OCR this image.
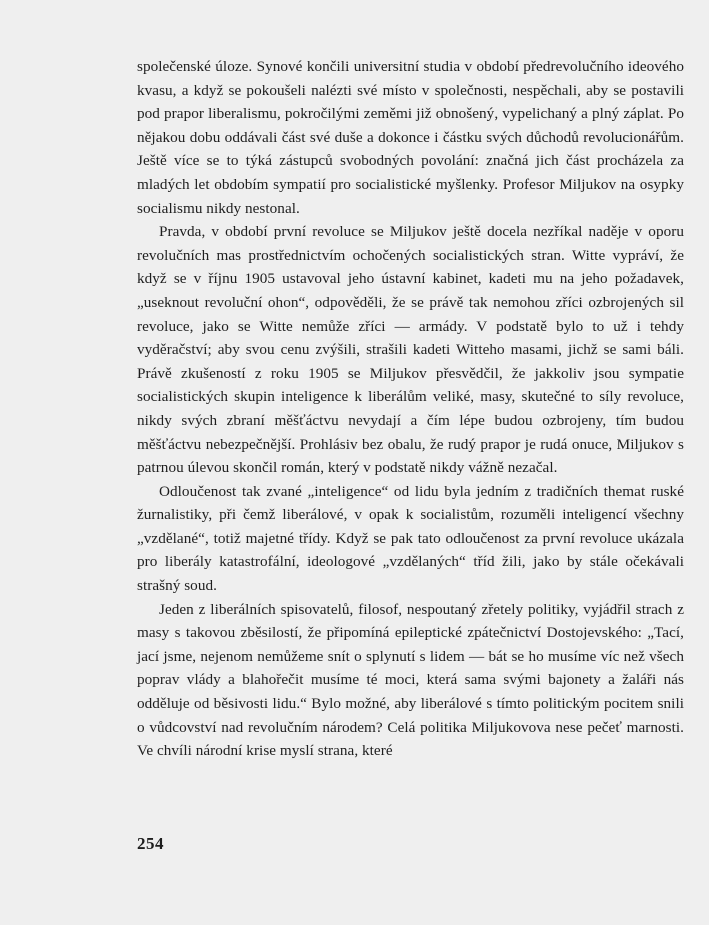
společenské úloze. Synové končili universitní studia v období předrevolučního ideového kvasu, a když se pokoušeli nalézti své místo v společnosti, nespěchali, aby se postavili pod prapor liberalismu, pokročilými zeměmi již obnošený, vypelichaný a plný záplat. Po nějakou dobu oddávali část své duše a dokonce i částku svých důchodů revolucionářům. Ještě více se to týká zástupců svobodných povolání: značná jich část procházela za mladých let obdobím sympatií pro socialistické myšlenky. Profesor Miljukov na osypky socialismu nikdy nestonal.

Pravda, v období první revoluce se Miljukov ještě docela nezříkal naděje v oporu revolučních mas prostřednictvím ochočených socialistických stran. Witte vypráví, že když se v říjnu 1905 ustavoval jeho ústavní kabinet, kadeti mu na jeho požadavek, „useknout revoluční ohon“, odpověděli, že se právě tak nemohou zříci ozbrojených sil revoluce, jako se Witte nemůže zříci — armády. V podstatě bylo to už i tehdy vyděračství; aby svou cenu zvýšili, strašili kadeti Witteho masami, jichž se sami báli. Právě zkušeností z roku 1905 se Miljukov přesvědčil, že jakkoliv jsou sympatie socialistických skupin inteligence k liberálům veliké, masy, skutečné to síly revoluce, nikdy svých zbraní měšťáctvu nevydají a čím lépe budou ozbrojeny, tím budou měšťáctvu nebezpečnější. Prohlásiv bez obalu, že rudý prapor je rudá onuce, Miljukov s patrnou úlevou skončil román, který v podstatě nikdy vážně nezačal.

Odloučenost tak zvané „inteligence“ od lidu byla jedním z tradičních themat ruské žurnalistiky, při čemž liberálové, v opak k socialistům, rozuměli inteligencí všechny „vzdělané“, totiž majetné třídy. Když se pak tato odloučenost za první revoluce ukázala pro liberály katastrofální, ideologové „vzdělaných“ tříd žili, jako by stále očekávali strašný soud.

Jeden z liberálních spisovatelů, filosof, nespoutaný zřetely politiky, vyjádřil strach z masy s takovou zběsilostí, že připomíná epileptické zpátečnictví Dostojevského: „Tací, jací jsme, nejenom nemůžeme snít o splynutí s lidem — bát se ho musíme víc než všech poprav vlády a blahořečit musíme té moci, která sama svými bajonety a žaláři nás odděluje od běsivosti lidu.“ Bylo možné, aby liberálové s tímto politickým pocitem snili o vůdcovství nad revolučním národem? Celá politika Miljukovova nese pečeť marnosti. Ve chvíli národní krise myslí strana, které

254
